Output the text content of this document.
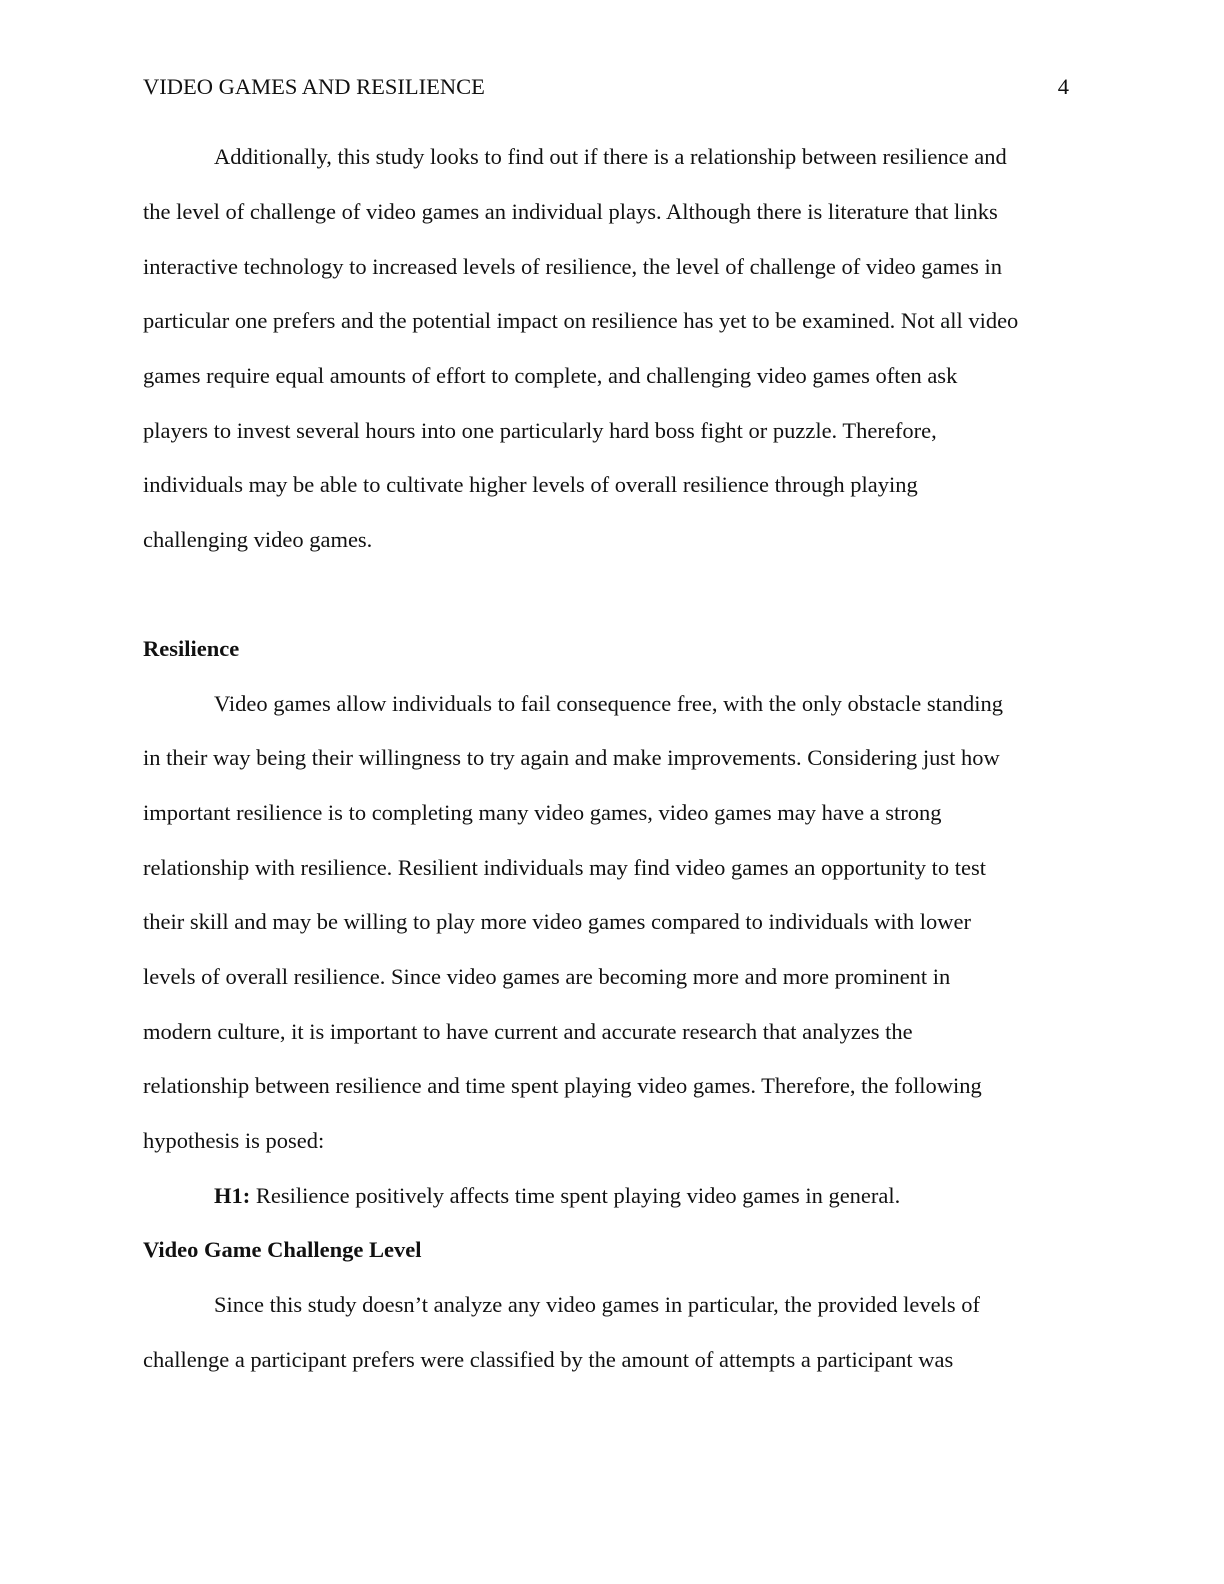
VIDEO GAMES AND RESILIENCE	4
Additionally, this study looks to find out if there is a relationship between resilience and
the level of challenge of video games an individual plays. Although there is literature that links
interactive technology to increased levels of resilience, the level of challenge of video games in
particular one prefers and the potential impact on resilience has yet to be examined. Not all video
games require equal amounts of effort to complete, and challenging video games often ask
players to invest several hours into one particularly hard boss fight or puzzle. Therefore,
individuals may be able to cultivate higher levels of overall resilience through playing
challenging video games.
Resilience
Video games allow individuals to fail consequence free, with the only obstacle standing
in their way being their willingness to try again and make improvements. Considering just how
important resilience is to completing many video games, video games may have a strong
relationship with resilience. Resilient individuals may find video games an opportunity to test
their skill and may be willing to play more video games compared to individuals with lower
levels of overall resilience. Since video games are becoming more and more prominent in
modern culture, it is important to have current and accurate research that analyzes the
relationship between resilience and time spent playing video games. Therefore, the following
hypothesis is posed:
H1: Resilience positively affects time spent playing video games in general.
Video Game Challenge Level
Since this study doesn’t analyze any video games in particular, the provided levels of
challenge a participant prefers were classified by the amount of attempts a participant was
